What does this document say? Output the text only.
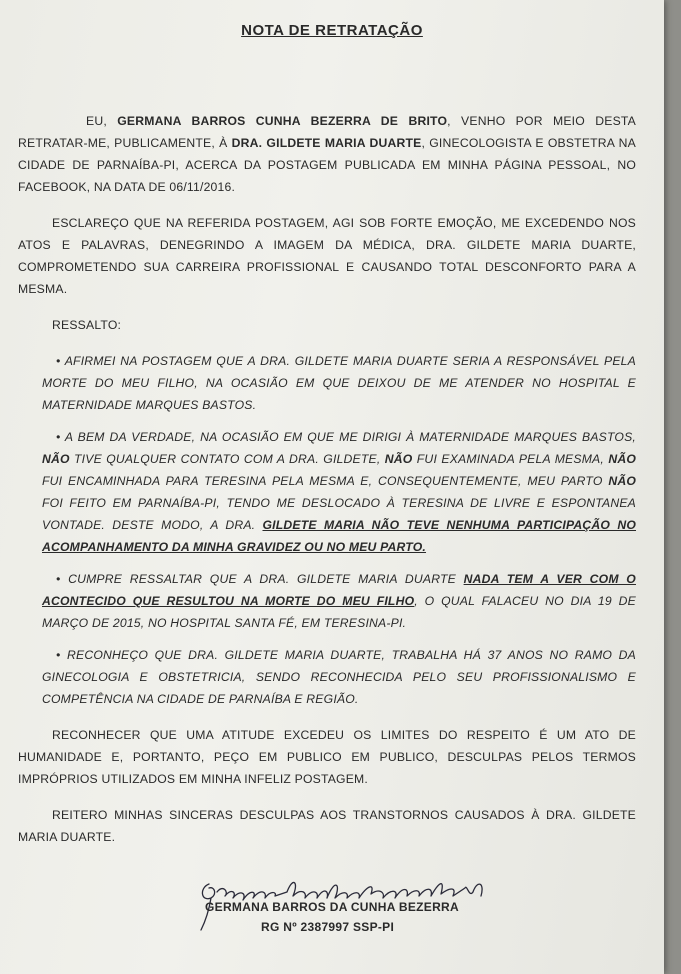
NOTA DE RETRATAÇÃO

EU, GERMANA BARROS CUNHA BEZERRA DE BRITO, VENHO POR MEIO DESTA RETRATAR-ME, PUBLICAMENTE, À DRA. GILDETE MARIA DUARTE, GINECOLOGISTA E OBSTETRA NA CIDADE DE PARNAÍBA-PI, ACERCA DA POSTAGEM PUBLICADA EM MINHA PÁGINA PESSOAL, NO FACEBOOK, NA DATA DE 06/11/2016.

ESCLAREÇO QUE NA REFERIDA POSTAGEM, AGI SOB FORTE EMOÇÃO, ME EXCEDENDO NOS ATOS E PALAVRAS, DENEGRINDO A IMAGEM DA MÉDICA, DRA. GILDETE MARIA DUARTE, COMPROMETENDO SUA CARREIRA PROFISSIONAL E CAUSANDO TOTAL DESCONFORTO PARA A MESMA.

RESSALTO:

• AFIRMEI NA POSTAGEM QUE A DRA. GILDETE MARIA DUARTE SERIA A RESPONSÁVEL PELA MORTE DO MEU FILHO, NA OCASIÃO EM QUE DEIXOU DE ME ATENDER NO HOSPITAL E MATERNIDADE MARQUES BASTOS.

• A BEM DA VERDADE, NA OCASIÃO EM QUE ME DIRIGI À MATERNIDADE MARQUES BASTOS, NÃO TIVE QUALQUER CONTATO COM A DRA. GILDETE, NÃO FUI EXAMINADA PELA MESMA, NÃO FUI ENCAMINHADA PARA TERESINA PELA MESMA E, CONSEQUENTEMENTE, MEU PARTO NÃO FOI FEITO EM PARNAÍBA-PI, TENDO ME DESLOCADO À TERESINA DE LIVRE E ESPONTANEA VONTADE. DESTE MODO, A DRA. GILDETE MARIA NÃO TEVE NENHUMA PARTICIPAÇÃO NO ACOMPANHAMENTO DA MINHA GRAVIDEZ OU NO MEU PARTO.

• CUMPRE RESSALTAR QUE A DRA. GILDETE MARIA DUARTE NADA TEM A VER COM O ACONTECIDO QUE RESULTOU NA MORTE DO MEU FILHO, O QUAL FALACEU NO DIA 19 DE MARÇO DE 2015, NO HOSPITAL SANTA FÉ, EM TERESINA-PI.

• RECONHEÇO QUE DRA. GILDETE MARIA DUARTE, TRABALHA HÁ 37 ANOS NO RAMO DA GINECOLOGIA E OBSTETRICIA, SENDO RECONHECIDA PELO SEU PROFISSIONALISMO E COMPETÊNCIA NA CIDADE DE PARNAÍBA E REGIÃO.

RECONHECER QUE UMA ATITUDE EXCEDEU OS LIMITES DO RESPEITO É UM ATO DE HUMANIDADE E, PORTANTO, PEÇO EM PUBLICO EM PUBLICO, DESCULPAS PELOS TERMOS IMPRÓPRIOS UTILIZADOS EM MINHA INFELIZ POSTAGEM.

REITERO MINHAS SINCERAS DESCULPAS AOS TRANSTORNOS CAUSADOS À DRA. GILDETE MARIA DUARTE.

GERMANA BARROS DA CUNHA BEZERRA
RG Nº 2387997 SSP-PI
